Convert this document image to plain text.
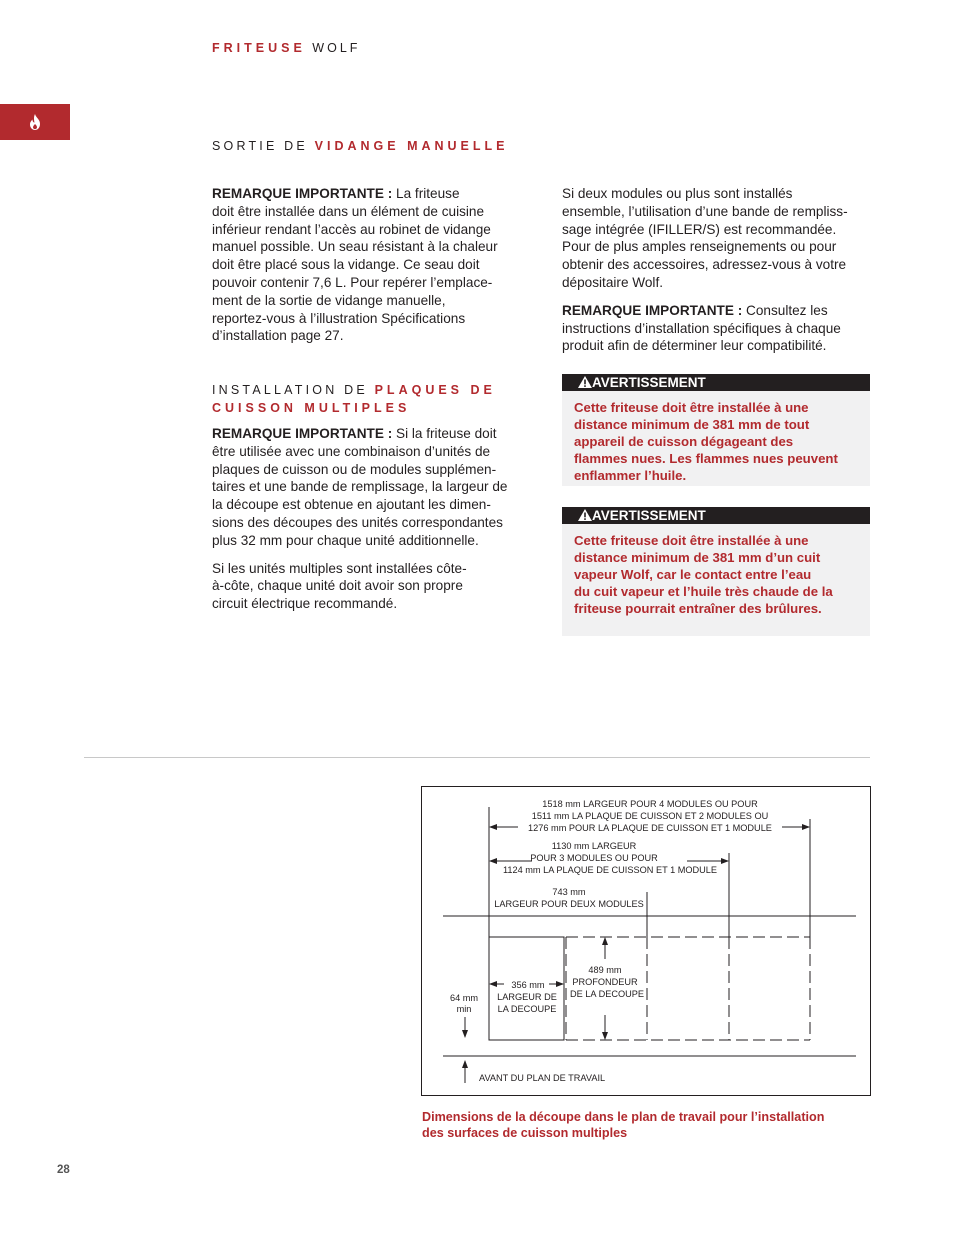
FRITEUSE WOLF
SORTIE DE VIDANGE MANUELLE
REMARQUE IMPORTANTE : La friteuse
doit être installée dans un élément de cuisine
inférieur rendant l’accès au robinet de vidange
manuel possible. Un seau résistant à la chaleur
doit être placé sous la vidange. Ce seau doit
pouvoir contenir 7,6 L. Pour repérer l’emplace-
ment de la sortie de vidange manuelle,
reportez-vous à l’illustration Spécifications
d’installation page 27.
INSTALLATION DE PLAQUES DE
CUISSON MULTIPLES
REMARQUE IMPORTANTE : Si la friteuse doit
être utilisée avec une combinaison d’unités de
plaques de cuisson ou de modules supplémen-
taires et une bande de remplissage, la largeur de
la découpe est obtenue en ajoutant les dimen-
sions des découpes des unités correspondantes
plus 32 mm pour chaque unité additionnelle.
Si les unités multiples sont installées côte-
à-côte, chaque unité doit avoir son propre
circuit électrique recommandé.
Si deux modules ou plus sont installés
ensemble, l’utilisation d’une bande de rempliss-
sage intégrée (IFILLER/S) est recommandée.
Pour de plus amples renseignements ou pour
obtenir des accessoires, adressez-vous à votre
dépositaire Wolf.
REMARQUE IMPORTANTE : Consultez les
instructions d’installation spécifiques à chaque
produit afin de déterminer leur compatibilité.
AVERTISSEMENT
Cette friteuse doit être installée à une
distance minimum de 381 mm de tout
appareil de cuisson dégageant des
flammes nues. Les flammes nues peuvent
enflammer l’huile.
AVERTISSEMENT
Cette friteuse doit être installée à une
distance minimum de 381 mm d’un cuit
vapeur Wolf, car le contact entre l’eau
du cuit vapeur et l’huile très chaude de la
friteuse pourrait entraîner des brûlures.
1518 mm LARGEUR POUR 4 MODULES OU POUR
1511 mm LA PLAQUE DE CUISSON ET 2 MODULES OU
1276 mm POUR LA PLAQUE DE CUISSON ET 1 MODULE
1130 mm LARGEUR
POUR 3 MODULES OU POUR
1124 mm LA PLAQUE DE CUISSON ET 1 MODULE
743 mm
LARGEUR POUR DEUX MODULES
356 mm
LARGEUR DE
LA DECOUPE
489 mm
PROFONDEUR
DE LA DECOUPE
64 mm
min
AVANT DU PLAN DE TRAVAIL
Dimensions de la découpe dans le plan de travail pour l’installation
des surfaces de cuisson multiples
28
